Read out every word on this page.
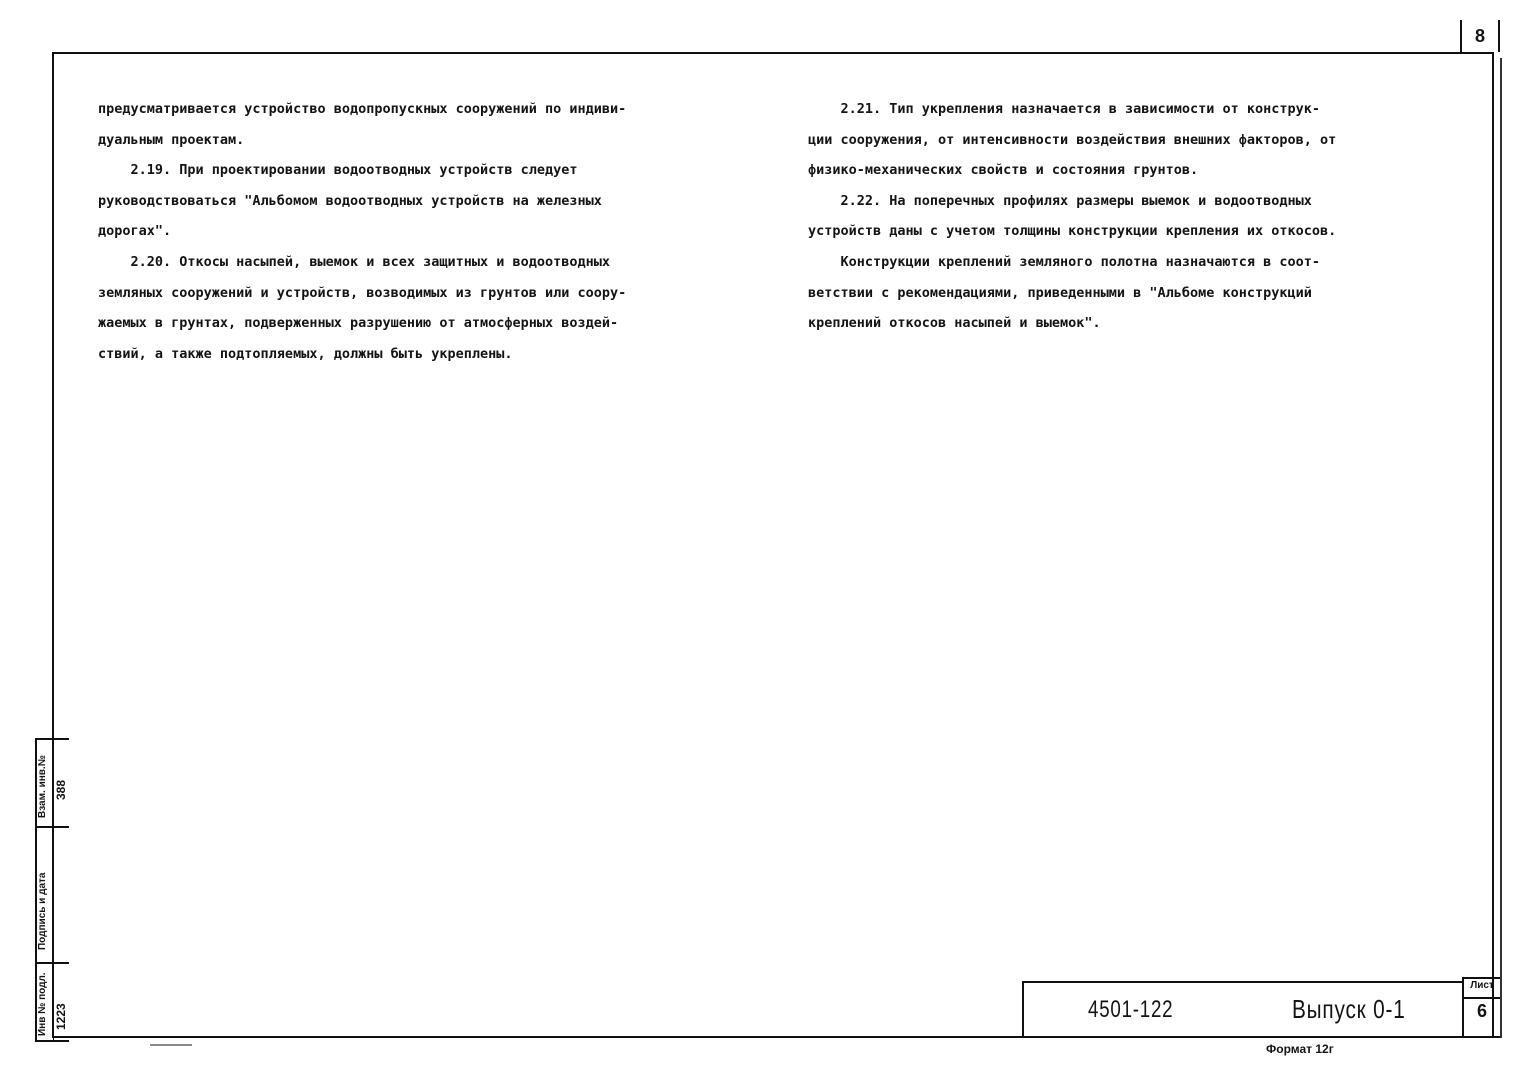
8

предусматривается устройство водопропускных сооружений по индиви-

дуальным проектам.

2.19. При проектировании водоотводных устройств следует

руководствоваться "Альбомом водоотводных устройств на железных

дорогах".

2.20. Откосы насыпей, выемок и всех защитных и водоотводных

земляных сооружений и устройств, возводимых из грунтов или соору-

жаемых в грунтах, подверженных разрушению от атмосферных воздей-

ствий, а также подтопляемых, должны быть укреплены.

2.21. Тип укрепления назначается в зависимости от конструк-

ции сооружения, от интенсивности воздействия внешних факторов, от

физико-механических свойств и состояния грунтов.

2.22. На поперечных профилях размеры выемок и водоотводных

устройств даны с учетом толщины конструкции крепления их откосов.

Конструкции креплений земляного полотна назначаются в соот-

ветствии с рекомендациями, приведенными в "Альбоме конструкций

креплений откосов насыпей и выемок".

4501-122	Выпуск 0-1
Лист
6
Формат 12г
Инв № подл. 1223
Подпись и дата
Взам. инв.№ 388
